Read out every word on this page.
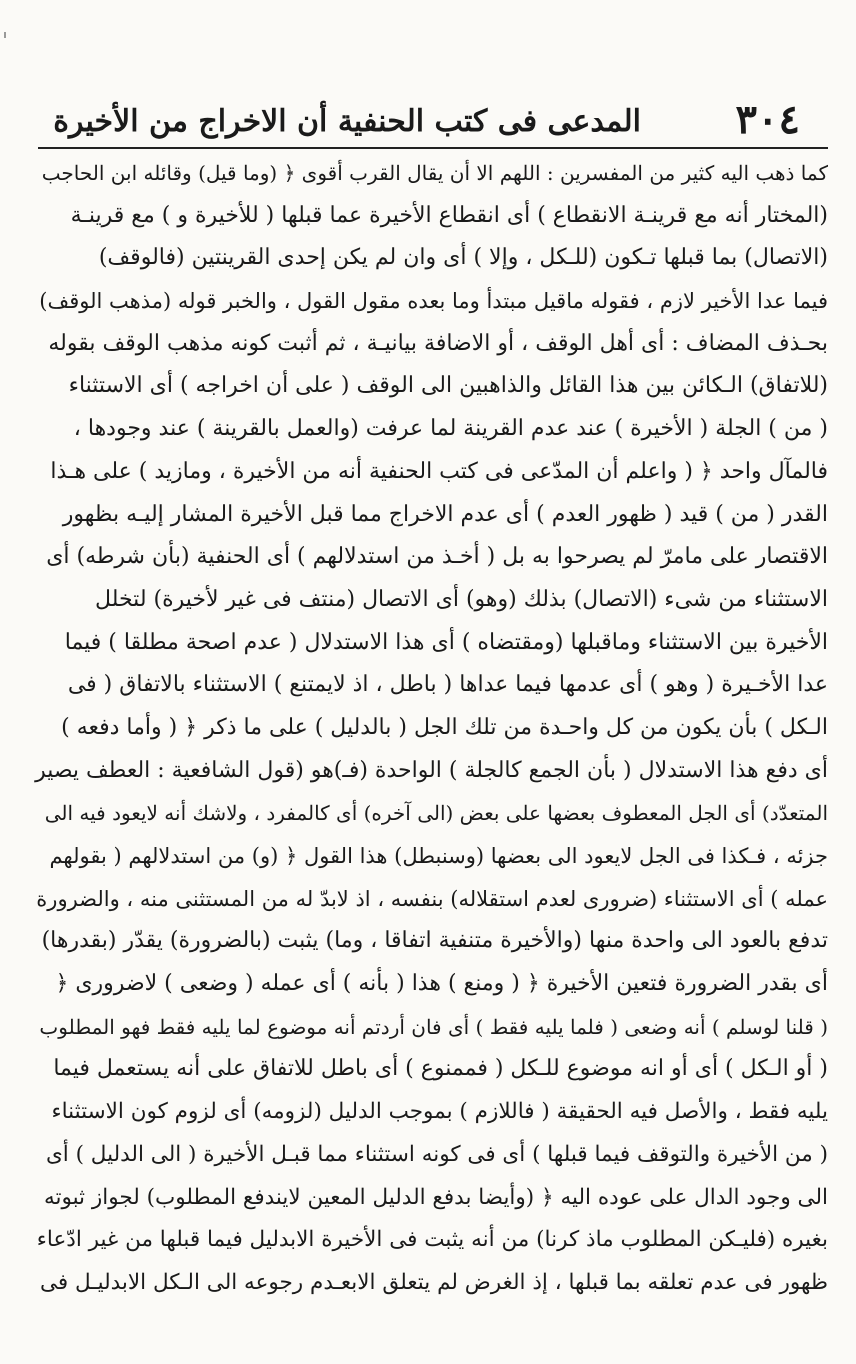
٣٠٤
المدعى فى كتب الحنفية أن الاخراج من الأخيرة
كما ذهب اليه كثير من المفسرين : اللهم الا أن يقال القرب أقوى ﴿ (وما قيل) وقائله ابن الحاجب
(المختار أنه مع قرينـة الانقطاع ) أى انقطاع الأخيرة عما قبلها ( للأخيرة و ) مع قرينـة
(الاتصال) بما قبلها تـكون (للـكل ، وإلا ) أى وان لم يكن إحدى القرينتين (فالوقف)
فيما عدا الأخير لازم ، فقوله ماقيل مبتدأ وما بعده مقول القول ، والخبر قوله (مذهب الوقف)
بحـذف المضاف : أى أهل الوقف ، أو الاضافة بيانيـة ، ثم أثبت كونه مذهب الوقف بقوله
(للاتفاق) الـكائن بين هذا القائل والذاهبين الى الوقف ( على أن اخراجه ) أى الاستثناء
( من ) الجلة ( الأخيرة ) عند عدم القرينة لما عرفت (والعمل بالقرينة ) عند وجودها ،
فالمآل واحد ﴿ ( واعلم أن المدّعى فى كتب الحنفية أنه من الأخيرة ، ومازيد ) على هـذا
القدر ( من ) قيد ( ظهور العدم ) أى عدم الاخراج مما قبل الأخيرة المشار إليـه بظهور
الاقتصار على مامرّ لم يصرحوا به بل ( أخـذ من استدلالهم ) أى الحنفية (بأن شرطه) أى
الاستثناء من شىء (الاتصال) بذلك (وهو) أى الاتصال (منتف فى غير لأخيرة) لتخلل
الأخيرة بين الاستثناء وماقبلها (ومقتضاه ) أى هذا الاستدلال ( عدم اصحة مطلقا ) فيما
عدا الأخـيرة ( وهو ) أى عدمها فيما عداها ( باطل ، اذ لايمتنع ) الاستثناء بالاتفاق ( فى
الـكل ) بأن يكون من كل واحـدة من تلك الجل ( بالدليل ) على ما ذكر ﴿ ( وأما دفعه )
أى دفع هذا الاستدلال ( بأن الجمع كالجلة ) الواحدة (فـ)هو (قول الشافعية : العطف يصير
المتعدّد) أى الجل المعطوف بعضها على بعض (الى آخره) أى كالمفرد ، ولاشك أنه لايعود فيه الى
جزئه ، فـكذا فى الجل لايعود الى بعضها (وسنبطل) هذا القول ﴿ (و) من استدلالهم ( بقولهم
عمله ) أى الاستثناء (ضرورى لعدم استقلاله) بنفسه ، اذ لابدّ له من المستثنى منه ، والضرورة
تدفع بالعود الى واحدة منها (والأخيرة متنفية اتفاقا ، وما) يثبت (بالضرورة) يقدّر (بقدرها)
أى بقدر الضرورة فتعين الأخيرة ﴿ ( ومنع ) هذا ( بأنه ) أى عمله ( وضعى ) لاضرورى ﴿
( قلنا لوسلم ) أنه وضعى ( فلما يليه فقط ) أى فان أردتم أنه موضوع لما يليه فقط فهو المطلوب
( أو الـكل ) أى أو انه موضوع للـكل ( فممنوع ) أى باطل للاتفاق على أنه يستعمل فيما
يليه فقط ، والأصل فيه الحقيقة ( فاللازم ) بموجب الدليل (لزومه) أى لزوم كون الاستثناء
( من الأخيرة والتوقف فيما قبلها ) أى فى كونه استثناء مما قبـل الأخيرة ( الى الدليل ) أى
الى وجود الدال على عوده اليه ﴿ (وأيضا بدفع الدليل المعين لايندفع المطلوب) لجواز ثبوته
بغيره (فليـكن المطلوب ماذ كرنا) من أنه يثبت فى الأخيرة الابدليل فيما قبلها من غير ادّعاء
ظهور فى عدم تعلقه بما قبلها ، إذ الغرض لم يتعلق الابعـدم رجوعه الى الـكل الابدليـل فى
